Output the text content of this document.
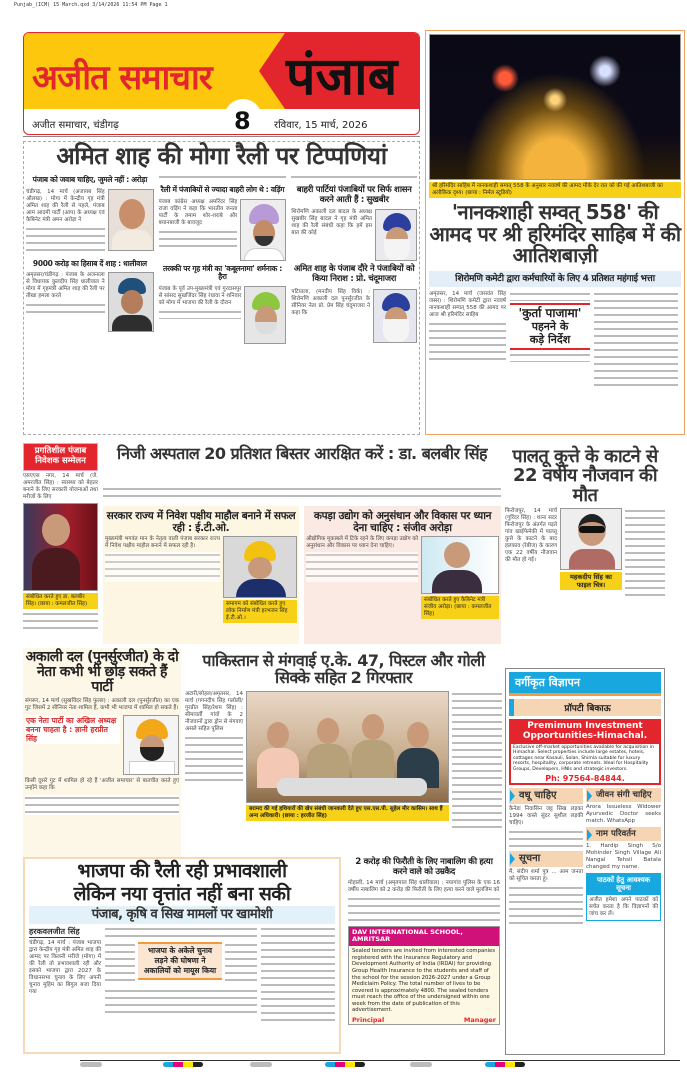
Punjab_(ICM) 15 March.qxd 3/14/2026 11:54 PM Page 1
अजीत समाचार पंजाब
अजीत समाचार, चंडीगढ़	8 रविवार, 15 मार्च, 2026
अमित शाह की मोगा रैली पर टिप्पणियां
पंजाब को जवाब चाहिए, जुमले नहीं : अरोड़ा
चंडीगढ़, 14 मार्च (अजायब सिंह औलख) : मोगा में केन्द्रीय गृह मंत्री अमित शाह की रैली से पहले, पंजाब आम आदमी पार्टी (आप) के अध्यक्ष एवं कैबिनेट मंत्री अमन अरोड़ा ने
9000 करोड़ का हिसाब दें शाह : धालीवाल
अमृतसर/चंडीगढ़ : पंजाब के अजनाला से विधायक कुलदीप सिंह धालीवाल ने मोगा में गृहमंत्री अमित शाह की रैली पर तीखा हमला करते
रैली में पंजाबियों से ज्यादा बाहरी लोग थे : वड़िंग
पंजाब कांग्रेस अध्यक्ष अमरिंदर सिंह राजा वड़िंग ने कहा कि भारतीय जनता पार्टी के तमाम शोर-शराबे और बयानबाजी के बावजूद
तरक्की पर गृह मंत्री का 'कबूलनामा' शर्मनाक : हैरा
पंजाब के पूर्व उप-मुख्यमंत्री एवं गुरदासपुर से सांसद सुखजिंदर सिंह रंधावा ने शनिवार को मोगा में भाजपा की रैली के दौरान
बाहरी पार्टियां पंजाबियों पर सिर्फ शासन करने आती हैं : सुखबीर
शिरोमणि अकाली दल बादल के अध्यक्ष सुखबीर सिंह बादल ने गृह मंत्री अमित शाह की रैली संबंधी कहा कि हमें इस बात की कोई
अमित शाह के पंजाब दौरे ने पंजाबियों को किया निराश : प्रो. चंदूमाजरा
पटियाला, (मनदीप सिंह विर्क) : शिरोमणि अकाली दल पुनर्सुरजीत के सीनियर नेता प्रो. प्रेम सिंह चंदूमाजरा ने कहा कि
श्री हरिमंदिर साहिब में नानकशाही सम्वत् 558 के अनुसार नववर्ष की आमद मौके देर रात को की गई आतिशबाजी का अलौकिक दृश्य। (छाया : निर्मल स्टूडियो)
'नानकशाही सम्वत् 558' की आमद पर श्री हरिमंदिर साहिब में की आतिशबाज़ी
शिरोमणि कमेटी द्वारा कर्मचारियों के लिए 4 प्रतिशत महंगाई भत्ता
अमृतसर, 14 मार्च (जसवंत सिंह जस्स) : शिरोमणि कमेटी द्वारा नववर्ष नानकशाही सम्वत् 558 की आमद पर आज श्री हरिमंदिर साहिब	'कुर्ता पाजामा'
पहनने के
कड़े निर्देश
प्रगतिशील पंजाब निवेशक सम्मेलन
एसएएस नगर, 14 मार्च (जे. अमरजीत सिंह) : स्वास्थ्य को बेहतर बनाने के लिए सरकारी योजनाओं तथा मरीजों के लिए
संबोधित करते हुए डा. बलबीर सिंह। (छाया : कमलजीत सिंह)
निजी अस्पताल 20 प्रतिशत बिस्तर आरक्षित करें : डा. बलबीर सिंह
सरकार राज्य में निवेश पक्षीय माहौल बनाने में सफल रही : ई.टी.ओ.
मुख्यमंत्री भगवंत मान के नेतृत्व वाली पंजाब सरकार राज्य में निवेश पक्षीय माहौल बनाने में सफल रही है।
समागम को संबोधित करते हुए लोक निर्माण मंत्री हरभजन सिंह ई.टी.ओ.।
कपड़ा उद्योग को अनुसंधान और विकास पर ध्यान देना चाहिए : संजीव अरोड़ा
औद्योगिक मुकाबले में टिके रहने के लिए कपड़ा उद्योग को अनुसंधान और विकास पर ध्यान देना चाहिए।
संबोधित करते हुए कैबिनेट मंत्री संजीव अरोड़ा। (छाया : कमलजीत सिंह)
पालतू कुत्ते के काटने से 22 वर्षीय नौजवान की मौत
फिरोजपुर, 14 मार्च (गुरिंदर सिंह) : थाना सदर फिरोजपुर के अंतर्गत पड़ते गांव खाईफेमेकी में पालतू कुत्ते के काटने के बाद हलकाव (रेबीज) के कारण एक 22 वर्षीय नौजवान की मौत हो गई।
महकदीप सिंह का फाइल चित्र।
अकाली दल (पुनर्सुरजीत) के दो नेता कभी भी छोड़ सकते हैं पार्टी
संगरूर, 14 मार्च (सुखविंदर सिंह फुल्ल) : अकाली दल (पुनर्सुरजीत) का एक गुट जिसमें 2 सीनियर नेता शामिल हैं, कभी भी भाजपा में शामिल हो सकते हैं।
एक नेता पार्टी का अखिल अध्यक्ष बनना चाहता है : ज्ञानी हरप्रीत सिंह
किसी दूसरे गुट में शामिल हो रहे हैं 'अजीत समाचार' से बातचीत करते हुए उन्होंने कहा कि
पाकिस्तान से मंगवाई ए.के. 47, पिस्टल और गोली सिक्के सहित 2 गिरफ्तार
अटारी/सोहल/अमृतसर, 14 मार्च (गगनदीप सिंह गलोली/गुरप्रीत सिंह/रेशम सिंह) : सीमावर्ती गांवों के 2 नौजवानों द्वारा ड्रोन से मंगवाए असले सहित पुलिस
बरामद की गई हथियारों की खेप संबंधी जानकारी देते हुए एस.एस.पी. सुहेल मीर कासिम। साथ हैं अन्य अधिकारी। (छाया : हरजीत सिंह)
भाजपा की रैली रही प्रभावशाली
लेकिन नया वृत्तांत नहीं बना सकी
पंजाब, कृषि व सिख मामलों पर खामोशी
हरकवलजीत सिंह
चंडीगढ़, 14 मार्च : पंजाब भाजपा द्वारा केन्द्रीय गृह मंत्री अमित शाह की आमद पर किलनी मरीजे (मोगा) में की रैली तो प्रभावशाली रही और इसको भाजपा द्वारा 2027 के विधानसभा चुनाव के लिए अपनी चुनाव मुहिम का बिगुल बजा दिया गया
भाजपा के अकेले चुनाव लड़ने की घोषणा ने अकालियों को मायूस किया
2 करोड़ की फिरौती के लिए नाबालिग की हत्या करने वाले को उम्रकैद
मोहाली, 14 मार्च (अमृतपाल सिंह धालीवाल) : नयागांव पुलिस के एक 16 वर्षीय नाबालिग को 2 करोड़ की फिरौती के लिए हत्या करने वाले मुलजिम को
DAV INTERNATIONAL SCHOOL, AMRITSAR
Sealed tenders are invited from interested companies registered with the Insurance Regulatory and Development Authority of India (IRDAI) for providing Group Health Insurance to the students and staff of the school for the session 2026-2027 under a Group Mediclaim Policy. The total number of lives to be covered is approximately 4800. The sealed tenders must reach the office of the undersigned within one week from the date of publication of this advertisement.
Principal	Manager
वर्गीकृत विज्ञापन
प्रॉपटी बिकाऊ
Premimum Investment Opportunities-Himachal.
Exclusive off-market opportunities available for acquisition in Himachal. Select properties include large estates, hotels, cottages near Kasauli, Solan, Shimla suitable for luxury resorts, hospitality, corporate retreats. Ideal for Hospitality Groups, Developers, HNIs and strategic investors.
Ph: 97564-84844.
वधू चाहिए
कैनेडा निवासिन जट्ट सिख लड़का 1994 वास्ते सुंदर सुशील लड़की चाहिए।
सूचना
मैं, संदीप शर्मा पुत्र ... आम जनता को सूचित करता हूं।
जीवन संगी चाहिए
Arora Issueless Widower Ayurvedic Doctor seeks match. WhatsApp
नाम परिवर्तन
1. Hardip Singh S/o Mohinder Singh Village Ali Nangal Tehsil Batala changed my name.
पाठकों हेतु आवश्यक सूचना
अजीत हमेशा अपने पाठकों को सचेत करता है कि विज्ञापनों की जांच कर लें।
